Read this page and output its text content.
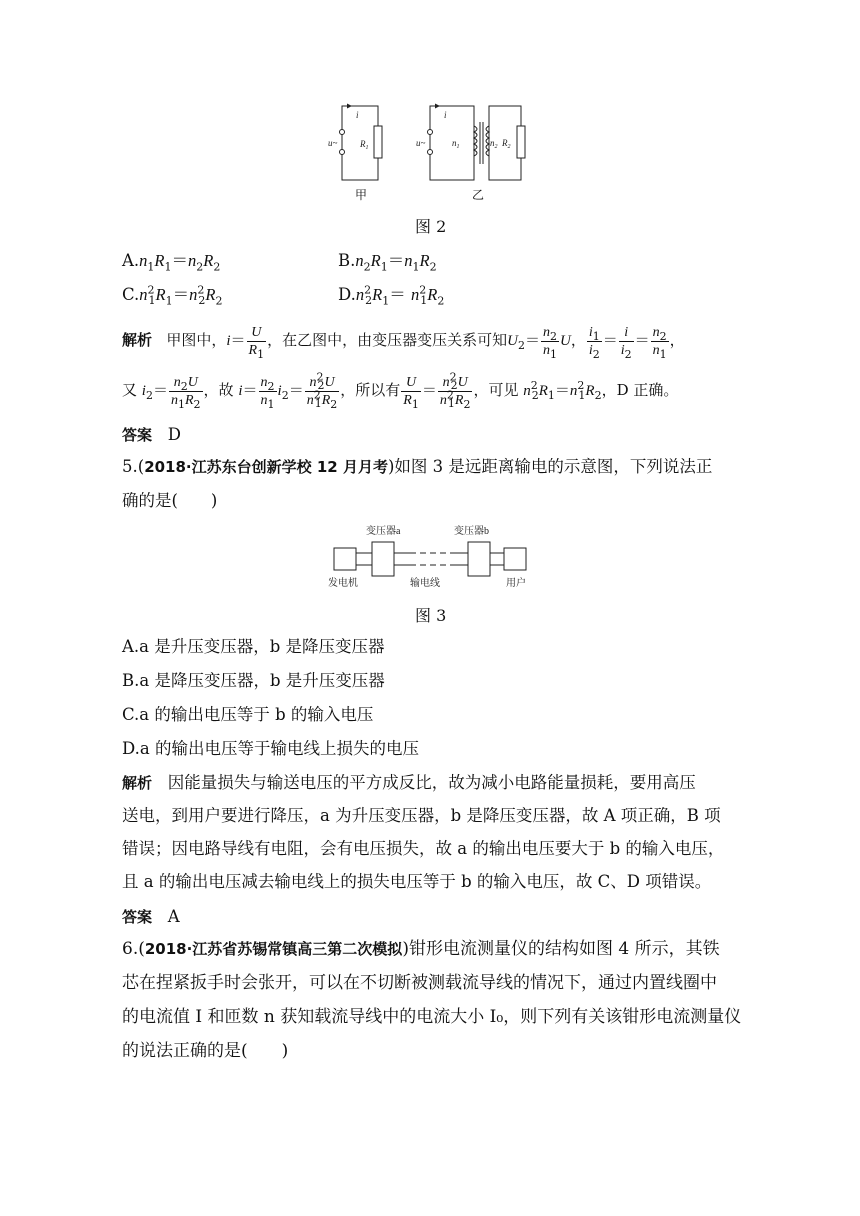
i	i
u~	u~
$R_1$	$n_1$	$n_2$ $R_2$
甲	乙
图 2
$A.n_1R_1=n_2R_2$	$B.n_2R_1=n_1R_2$
$C.n^2_1R_1=n^2_2R_2$	$D.n^2_2R_1= n^2_1R_2$
解析 甲图中，$i= \frac{U}{R_1}$ ，在乙图中，由变压器变压关系可知$U_2= \frac{n_2}{n_1}$ U， $\frac{i_1}{i_2} = \frac{i}{i_2} = \frac{n_2}{n_1}$ ，
又 $i_2= \frac{n_2U}{n_1R_2}$ ，故 $i= \frac{n_2}{n_1} i_2= \frac{n^2_2U}{n^2_1R_2}$ ，所以有 $\frac{U}{R_1} = \frac{n^2_2U}{n^2_1R_2}$ ，可见 $n^2_2R_1=n^2_1R_2$，D 正确。
答案 D
5.(2018·江苏东台创新学校 12 月月考)如图 3 是远距离输电的示意图，下列说法正
确的是(　　)
变压器a	变压器b
发电机	输电线	用户
图 3
A.a 是升压变压器，b 是降压变压器
B.a 是降压变压器，b 是升压变压器
C.a 的输出电压等于 b 的输入电压
D.a 的输出电压等于输电线上损失的电压
解析 因能量损失与输送电压的平方成反比，故为减小电路能量损耗，要用高压
送电，到用户要进行降压，a 为升压变压器，b 是降压变压器，故 A 项正确，B 项
错误；因电路导线有电阻，会有电压损失，故 a 的输出电压要大于 b 的输入电压，
且 a 的输出电压减去输电线上的损失电压等于 b 的输入电压，故 C、D 项错误。
答案 A
6.(2018·江苏省苏锡常镇高三第二次模拟)钳形电流测量仪的结构如图 4 所示，其铁
芯在捏紧扳手时会张开，可以在不切断被测载流导线的情况下，通过内置线圈中
的电流值 I 和匝数 n 获知载流导线中的电流大小 I₀，则下列有关该钳形电流测量仪
的说法正确的是(　　)
